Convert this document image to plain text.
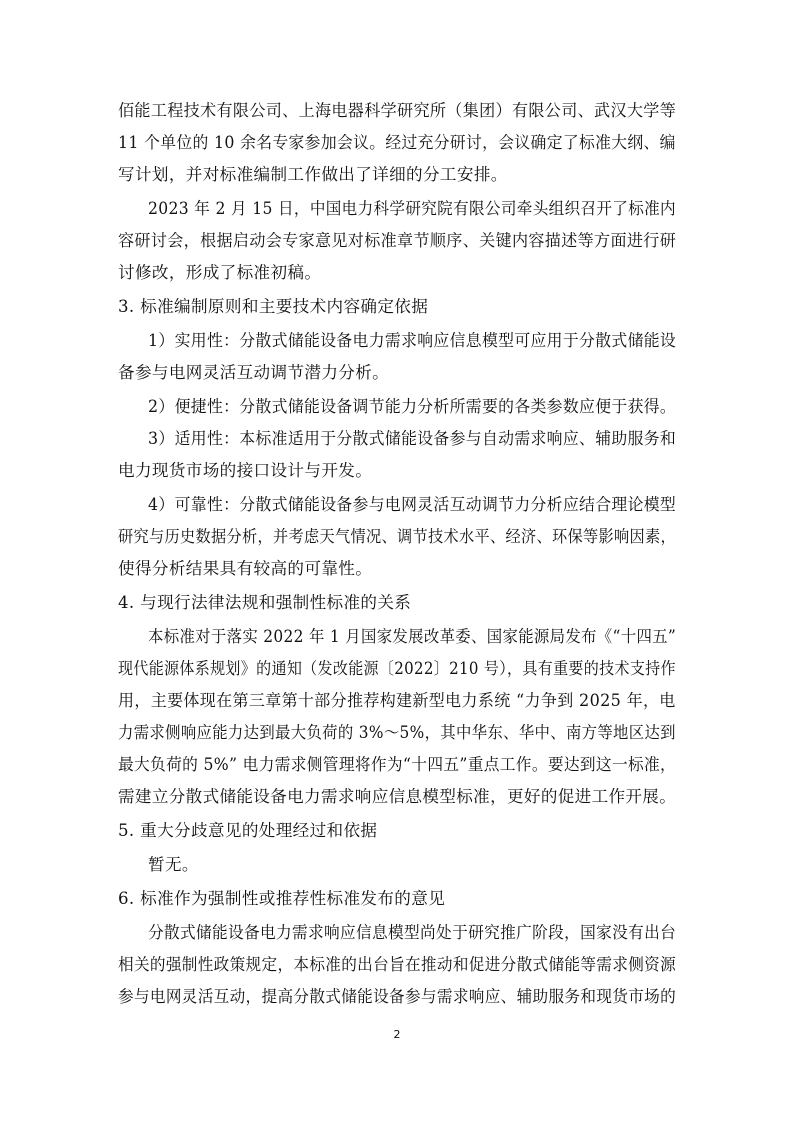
佰能工程技术有限公司、上海电器科学研究所（集团）有限公司、武汉大学等
11 个单位的 10 余名专家参加会议。经过充分研讨，会议确定了标准大纲、编
写计划，并对标准编制工作做出了详细的分工安排。
2023 年 2 月 15 日，中国电力科学研究院有限公司牵头组织召开了标准内
容研讨会，根据启动会专家意见对标准章节顺序、关键内容描述等方面进行研
讨修改，形成了标准初稿。
3. 标准编制原则和主要技术内容确定依据
1）实用性：分散式储能设备电力需求响应信息模型可应用于分散式储能设
备参与电网灵活互动调节潜力分析。
2）便捷性：分散式储能设备调节能力分析所需要的各类参数应便于获得。
3）适用性：本标准适用于分散式储能设备参与自动需求响应、辅助服务和
电力现货市场的接口设计与开发。
4）可靠性：分散式储能设备参与电网灵活互动调节力分析应结合理论模型
研究与历史数据分析，并考虑天气情况、调节技术水平、经济、环保等影响因素，
使得分析结果具有较高的可靠性。
4. 与现行法律法规和强制性标准的关系
本标准对于落实 2022 年 1 月国家发展改革委、国家能源局发布《“十四五”
现代能源体系规划》的通知（发改能源〔2022〕210 号），具有重要的技术支持作
用，主要体现在第三章第十部分推荐构建新型电力系统 “力争到 2025 年，电
力需求侧响应能力达到最大负荷的 3%～5%，其中华东、华中、南方等地区达到
最大负荷的 5%” 电力需求侧管理将作为“十四五”重点工作。要达到这一标准，
需建立分散式储能设备电力需求响应信息模型标准，更好的促进工作开展。
5. 重大分歧意见的处理经过和依据
暂无。
6. 标准作为强制性或推荐性标准发布的意见
分散式储能设备电力需求响应信息模型尚处于研究推广阶段，国家没有出台
相关的强制性政策规定，本标准的出台旨在推动和促进分散式储能等需求侧资源
参与电网灵活互动，提高分散式储能设备参与需求响应、辅助服务和现货市场的
2
